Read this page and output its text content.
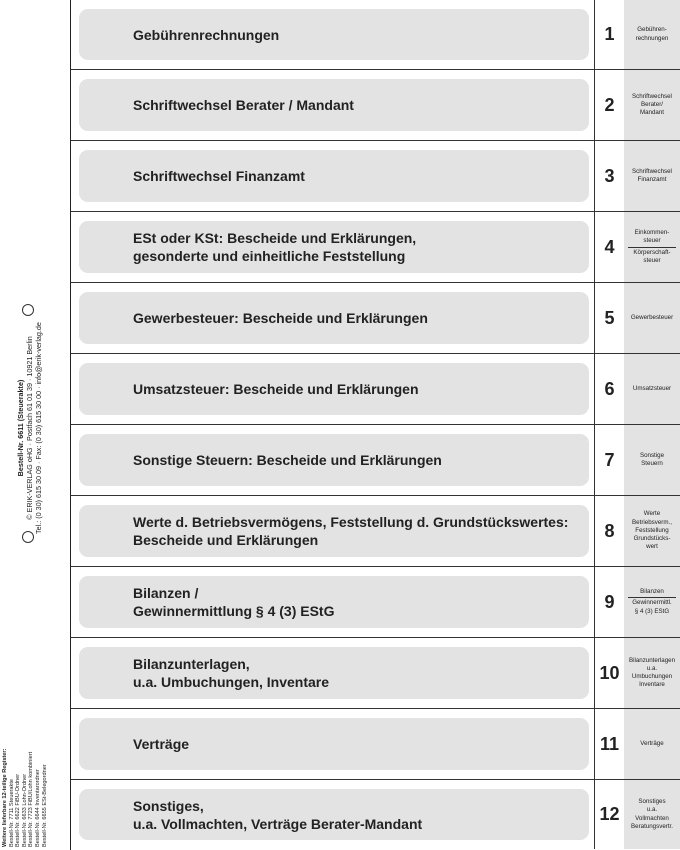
Bestell-Nr. 6611 (Steuerakte) © ERIK-VERLAG oHG · Postfach 61 01 39 · 10921 Berlin Tel.: (0 30) 615 30 09 · Fax: (0 30) 615 30 00 · info@erik-verlag.de
Weitere lieferbare 12-teilige Register: Bestell-Nr. 7711 Steuerakte Bestell-Nr. 6622 FiBU-Ordner Bestell-Nr. 6633 Lohn-Ordner Bestell-Nr. 7723 FiBU/Lohn kombiniert Bestell-Nr. 6644 Inventarordner Bestell-Nr. 6655 ESt-Belegordner
Gebührenrechnungen	1	Gebühren-
rechnungen
Schriftwechsel Berater / Mandant	2	Schriftwechsel
Berater/
Mandant
Schriftwechsel Finanzamt	3	Schriftwechsel
Finanzamt
ESt oder KSt: Bescheide und Erklärungen,
gesonderte und einheitliche Feststellung	4
Einkommen-
steuer
Körperschaft-
steuer
Gewerbesteuer: Bescheide und Erklärungen	5	Gewerbesteuer
Umsatzsteuer: Bescheide und Erklärungen	6	Umsatzsteuer
Sonstige Steuern: Bescheide und Erklärungen	7	Sonstige
Steuern
Werte d. Betriebsvermögens, Feststellung d. Grundstückswertes:
Bescheide und Erklärungen	8
Werte
Betriebsverm.,
Feststellung
Grundstücks-
wert
Bilanzen /
Gewinnermittlung § 4 (3) EStG	9	Bilanzen
Gewinnermittl.
§ 4 (3) EStG
Bilanzunterlagen,
u.a. Umbuchungen, Inventare	10
Bilanzunterlagen
u.a.
Umbuchungen
Inventare
Verträge	11	Verträge
Sonstiges,
u.a. Vollmachten, Verträge Berater-Mandant	12
Sonstiges
u.a.
Vollmachten
Beratungsvertr.
